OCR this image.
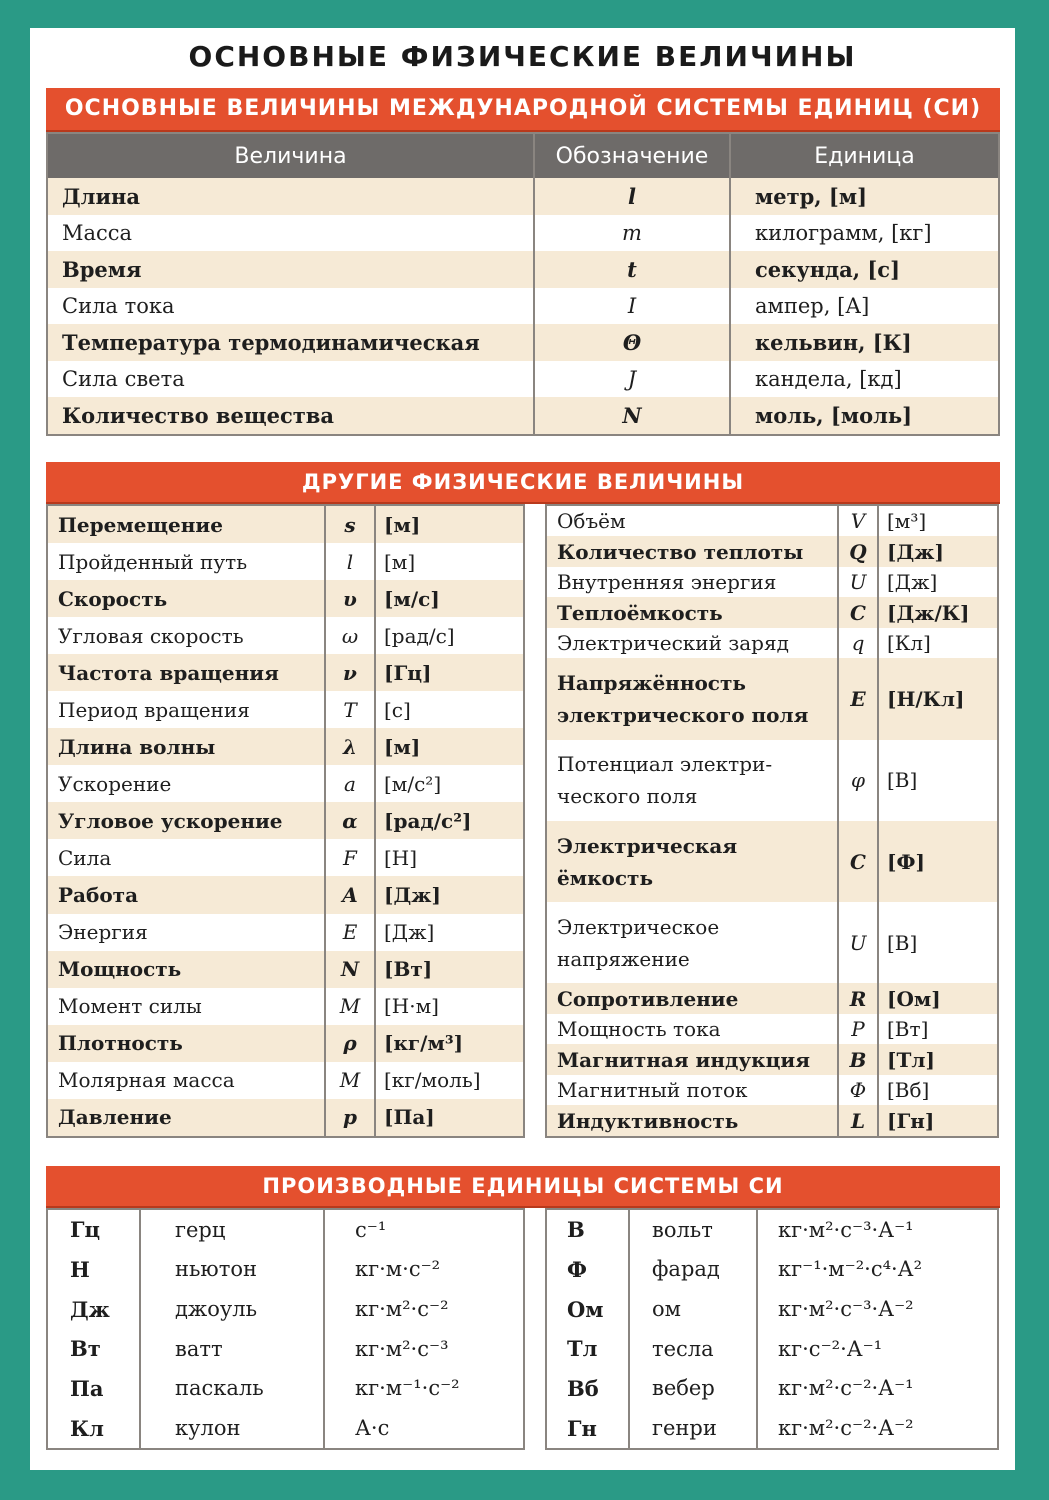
ОСНОВНЫЕ ФИЗИЧЕСКИЕ ВЕЛИЧИНЫ
ОСНОВНЫЕ ВЕЛИЧИНЫ МЕЖДУНАРОДНОЙ СИСТЕМЫ ЕДИНИЦ (СИ)
Величина	Обозначение	Единица
Длина	l	метр, [м]
Масса	m	килограмм, [кг]
Время	t	секунда, [с]
Сила тока	I	ампер, [А]
Температура термодинамическая	Θ	кельвин, [К]
Сила света	J	кандела, [кд]
Количество вещества	N	моль, [моль]
ДРУГИЕ ФИЗИЧЕСКИЕ ВЕЛИЧИНЫ
Перемещение	s	[м]
Пройденный путь	l	[м]
Скорость	υ	[м/с]
Угловая скорость	ω	[рад/с]
Частота вращения	ν	[Гц]
Период вращения	T	[с]
Длина волны	λ	[м]
Ускорение	a	[м/с²]
Угловое ускорение	α	[рад/с²]
Сила	F	[Н]
Работа	A	[Дж]
Энергия	E	[Дж]
Мощность	N	[Вт]
Момент силы	M	[Н·м]
Плотность	ρ	[кг/м³]
Молярная масса	M	[кг/моль]
Давление	p	[Па]
Объём	V	[м³]
Количество теплоты	Q	[Дж]
Внутренняя энергия	U	[Дж]
Теплоёмкость	C	[Дж/К]
Электрический заряд	q	[Кл]
Напряжённость электрического поля	E	[Н/Кл]
Потенциал электри-ческого поля	φ	[В]
Электрическая ёмкость	C	[Ф]
Электрическое напряжение	U	[В]
Сопротивление	R	[Ом]
Мощность тока	P	[Вт]
Магнитная индукция	B	[Тл]
Магнитный поток	Φ	[Вб]
Индуктивность	L	[Гн]
ПРОИЗВОДНЫЕ ЕДИНИЦЫ СИСТЕМЫ СИ
Гц	герц	с⁻¹
Н	ньютон	кг·м·с⁻²
Дж	джоуль	кг·м²·с⁻²
Вт	ватт	кг·м²·с⁻³
Па	паскаль	кг·м⁻¹·с⁻²
Кл	кулон	А·с
В	вольт	кг·м²·с⁻³·А⁻¹
Ф	фарад	кг⁻¹·м⁻²·с⁴·А²
Ом	ом	кг·м²·с⁻³·А⁻²
Тл	тесла	кг·с⁻²·А⁻¹
Вб	вебер	кг·м²·с⁻²·А⁻¹
Гн	генри	кг·м²·с⁻²·А⁻²
